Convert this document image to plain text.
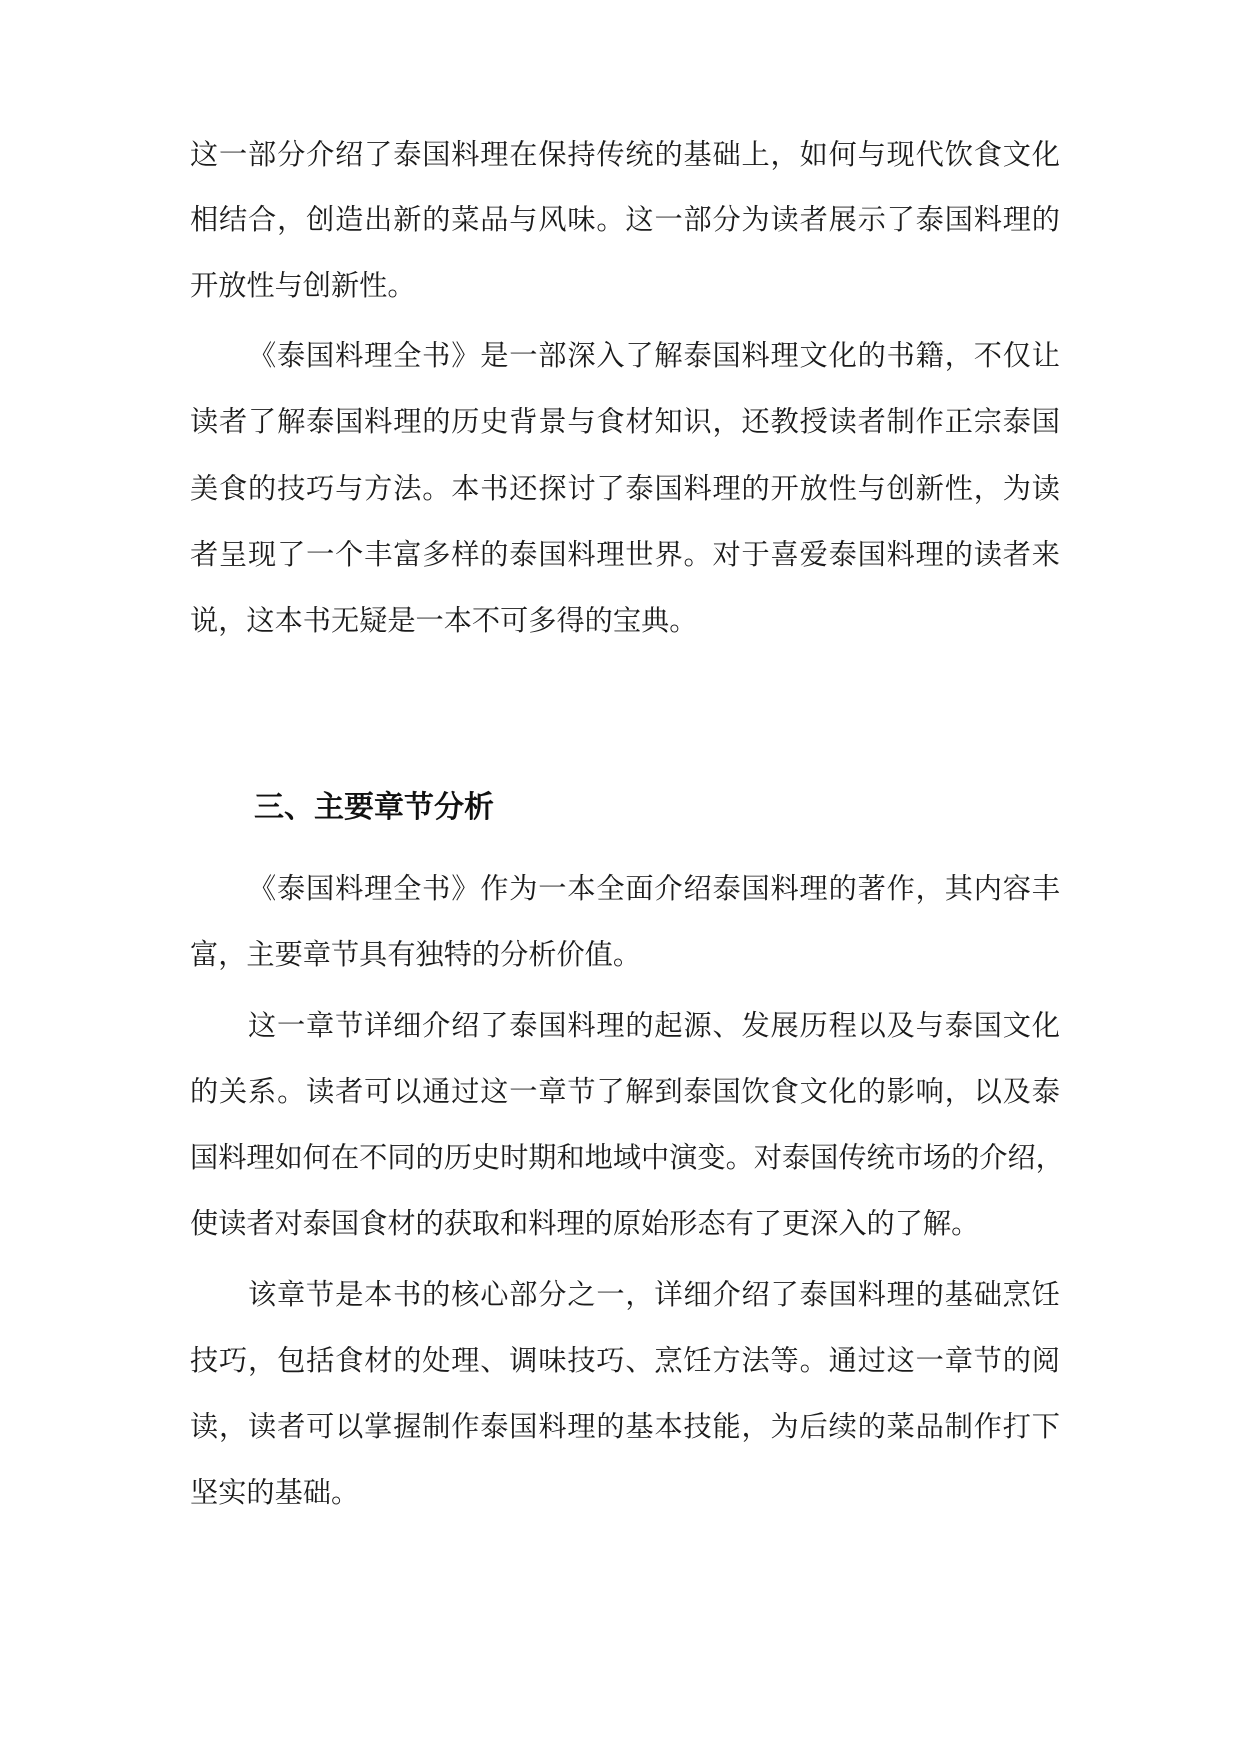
这一部分介绍了泰国料理在保持传统的基础上，如何与现代饮食文化
相结合，创造出新的菜品与风味。这一部分为读者展示了泰国料理的
开放性与创新性。
《泰国料理全书》是一部深入了解泰国料理文化的书籍，不仅让
读者了解泰国料理的历史背景与食材知识，还教授读者制作正宗泰国
美食的技巧与方法。本书还探讨了泰国料理的开放性与创新性，为读
者呈现了一个丰富多样的泰国料理世界。对于喜爱泰国料理的读者来
说，这本书无疑是一本不可多得的宝典。
三、主要章节分析
《泰国料理全书》作为一本全面介绍泰国料理的著作，其内容丰
富，主要章节具有独特的分析价值。
这一章节详细介绍了泰国料理的起源、发展历程以及与泰国文化
的关系。读者可以通过这一章节了解到泰国饮食文化的影响，以及泰
国料理如何在不同的历史时期和地域中演变。对泰国传统市场的介绍，
使读者对泰国食材的获取和料理的原始形态有了更深入的了解。
该章节是本书的核心部分之一，详细介绍了泰国料理的基础烹饪
技巧，包括食材的处理、调味技巧、烹饪方法等。通过这一章节的阅
读，读者可以掌握制作泰国料理的基本技能，为后续的菜品制作打下
坚实的基础。
